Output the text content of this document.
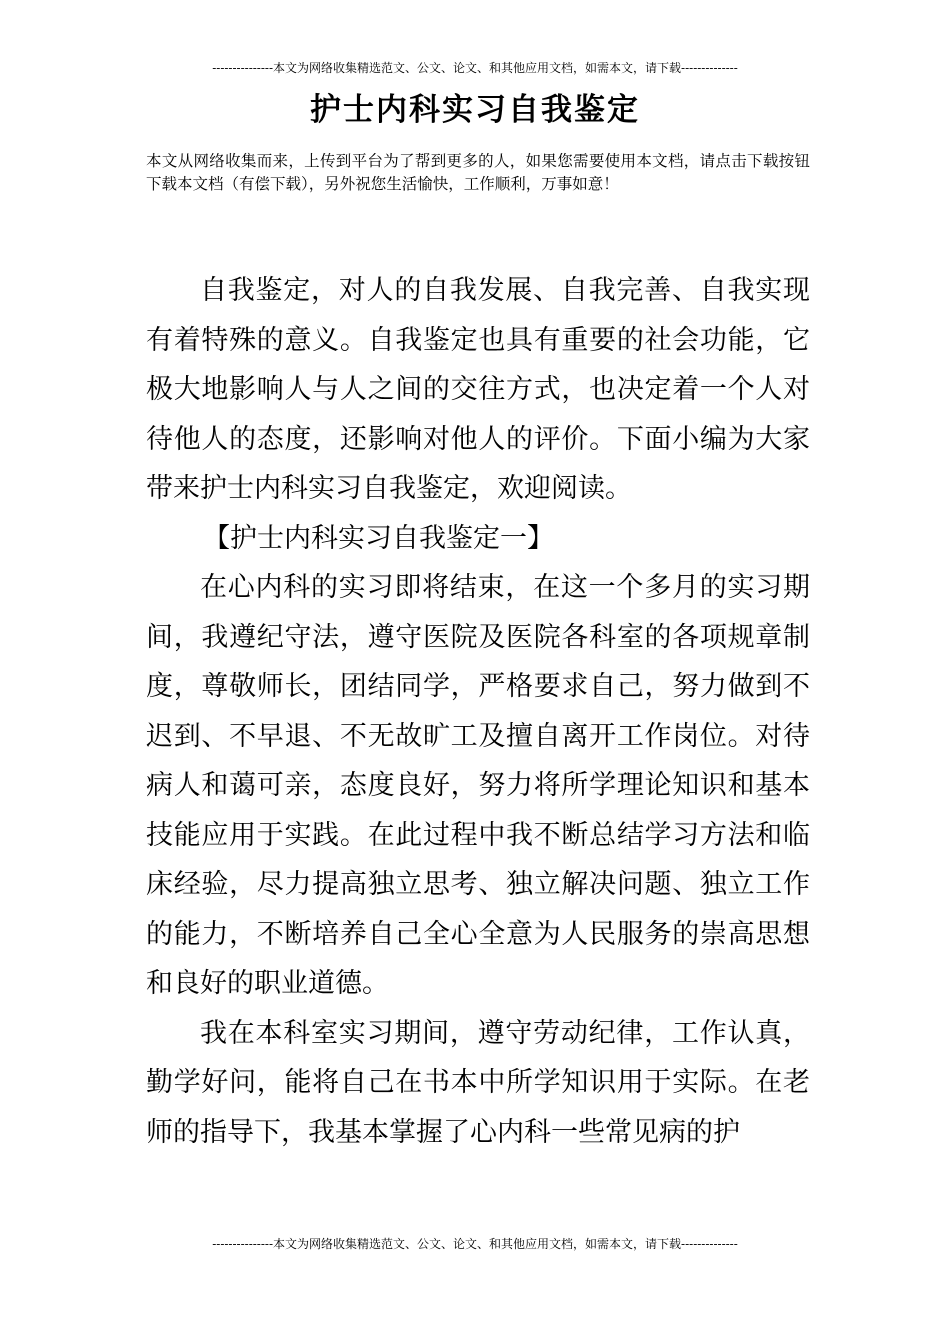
---------------本文为网络收集精选范文、公文、论文、和其他应用文档，如需本文，请下载--------------
护士内科实习自我鉴定
本文从网络收集而来，上传到平台为了帮到更多的人，如果您需要使用本文档，请点击下载按钮下载本文档（有偿下载），另外祝您生活愉快，工作顺利，万事如意！

自我鉴定，对人的自我发展、自我完善、自我实现有着特殊的意义。自我鉴定也具有重要的社会功能，它极大地影响人与人之间的交往方式，也决定着一个人对待他人的态度，还影响对他人的评价。下面小编为大家带来护士内科实习自我鉴定，欢迎阅读。

【护士内科实习自我鉴定一】

在心内科的实习即将结束，在这一个多月的实习期间，我遵纪守法，遵守医院及医院各科室的各项规章制度，尊敬师长，团结同学，严格要求自己，努力做到不迟到、不早退、不无故旷工及擅自离开工作岗位。对待病人和蔼可亲，态度良好，努力将所学理论知识和基本技能应用于实践。在此过程中我不断总结学习方法和临床经验，尽力提高独立思考、独立解决问题、独立工作的能力，不断培养自己全心全意为人民服务的崇高思想和良好的职业道德。

我在本科室实习期间，遵守劳动纪律，工作认真，勤学好问，能将自己在书本中所学知识用于实际。在老师的指导下，我基本掌握了心内科一些常见病的护

---------------本文为网络收集精选范文、公文、论文、和其他应用文档，如需本文，请下载--------------
